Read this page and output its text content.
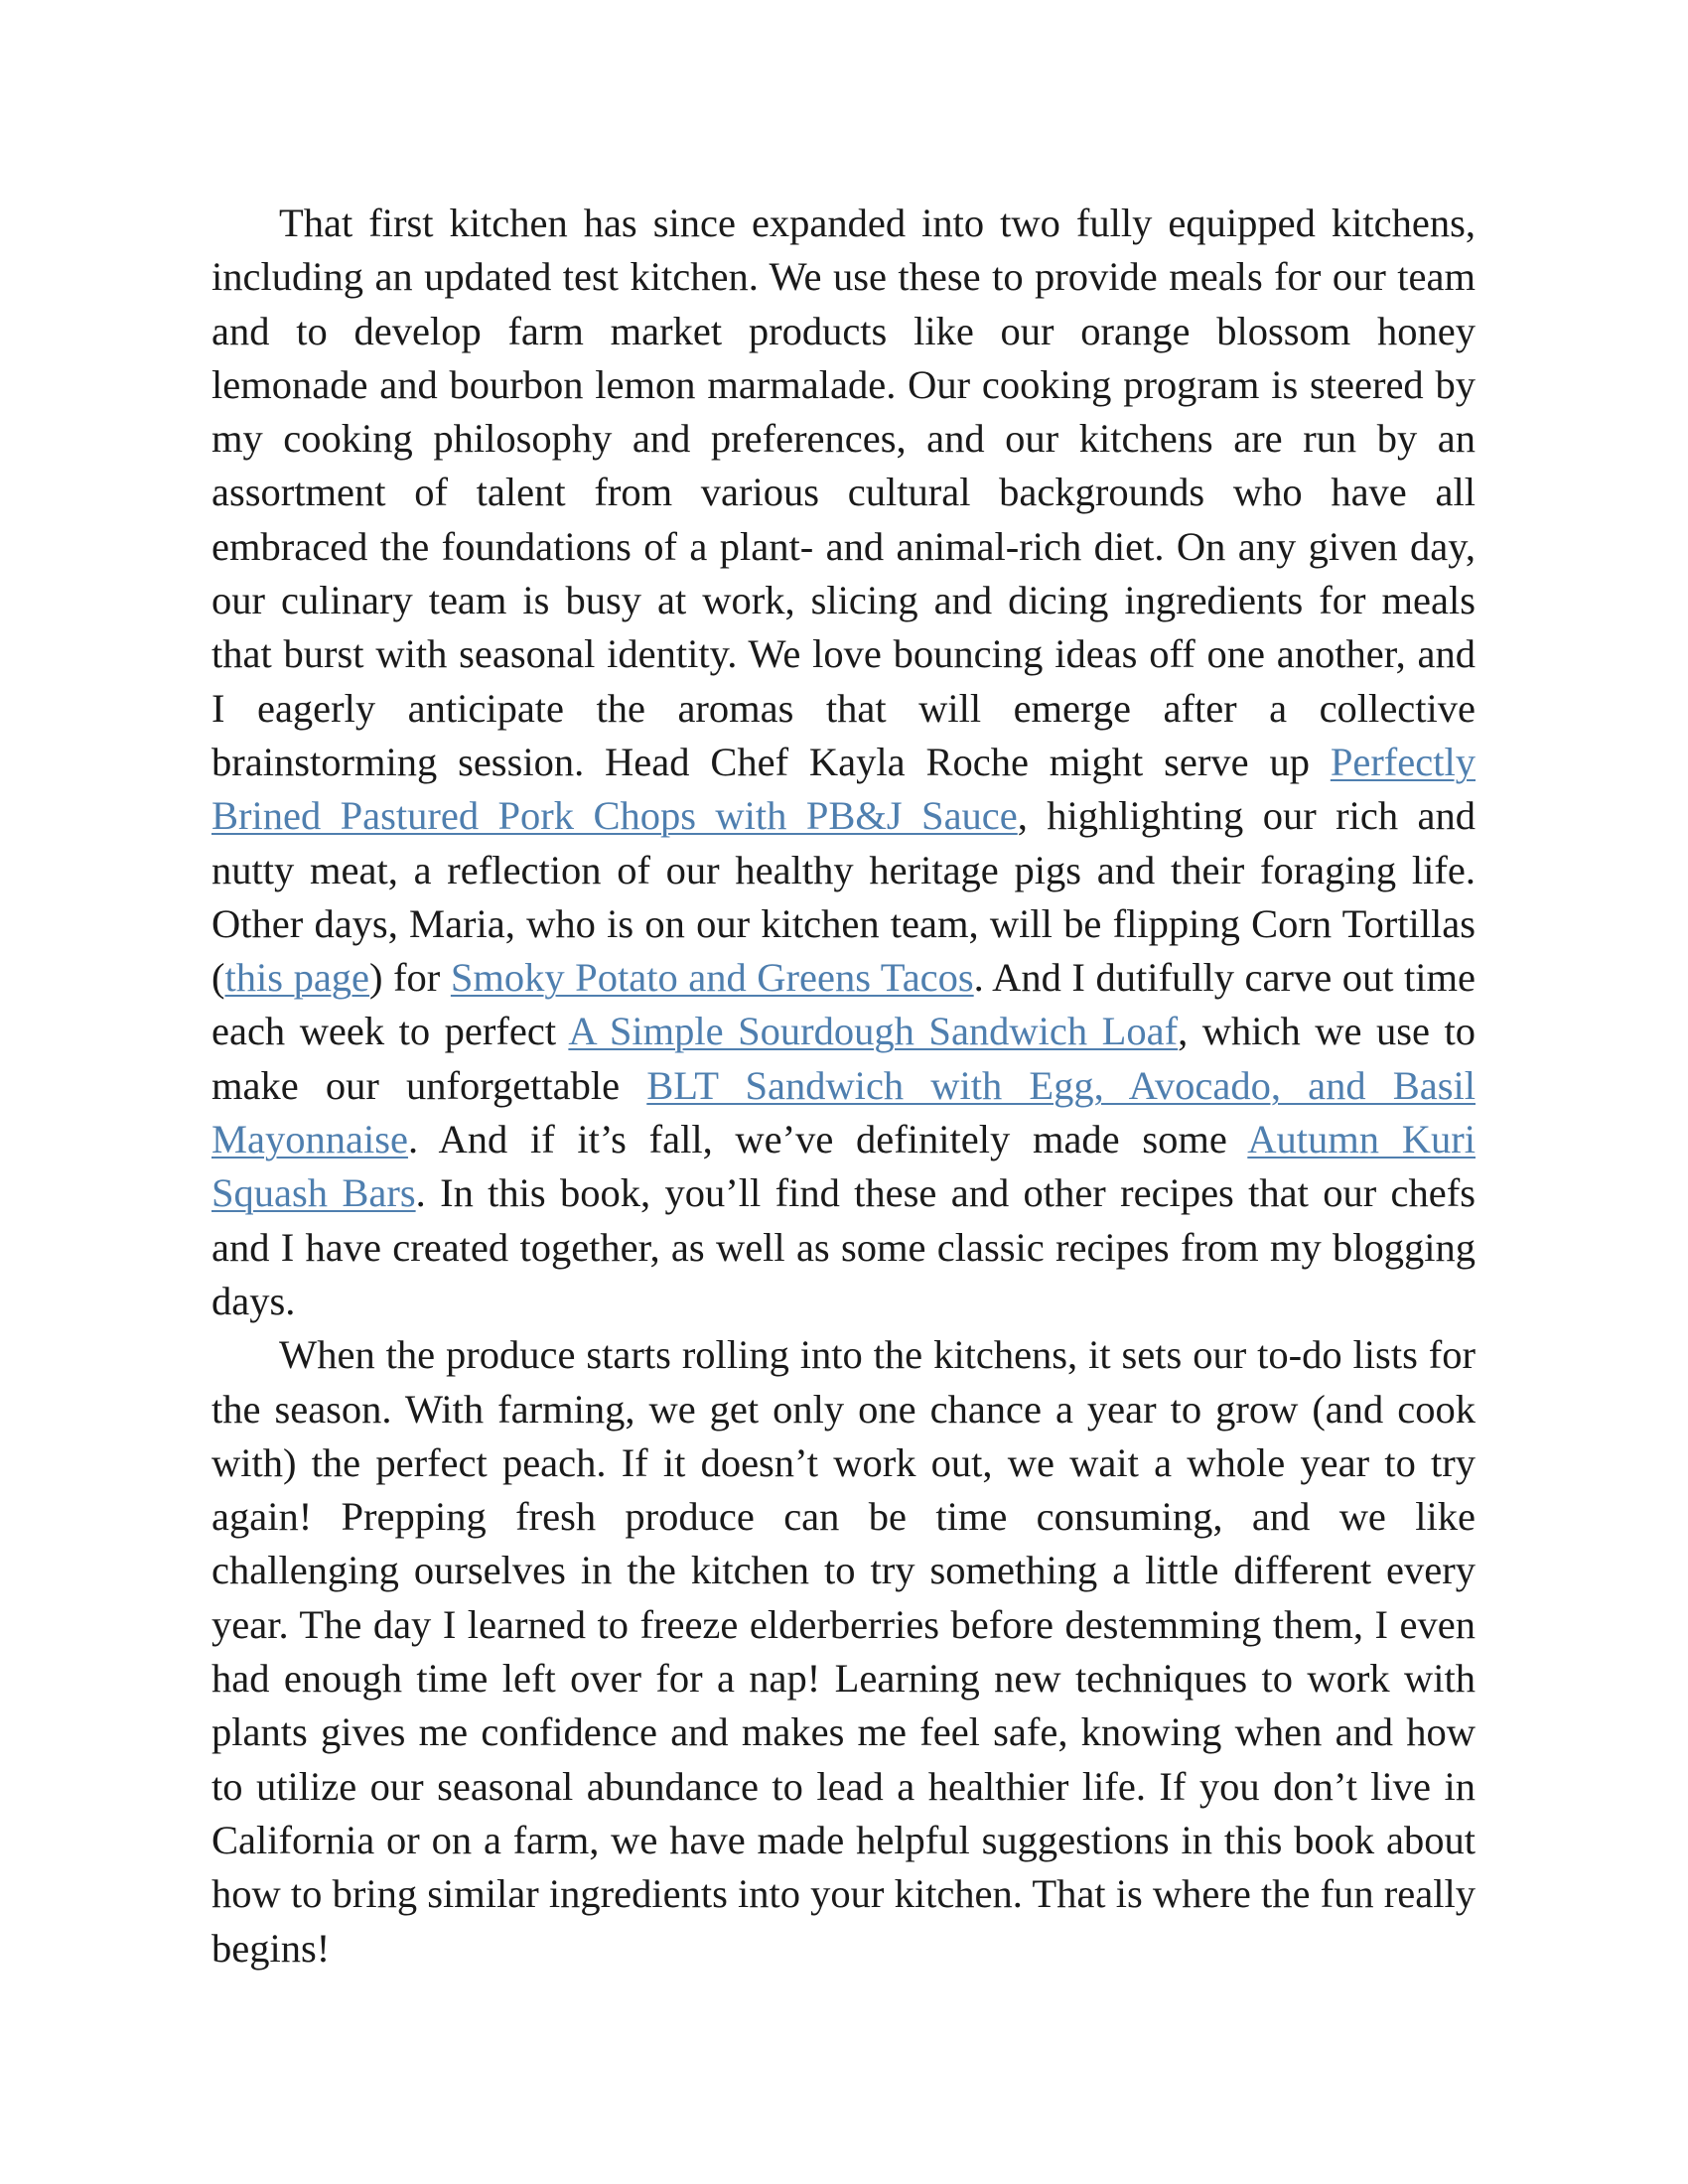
That first kitchen has since expanded into two fully equipped kitchens, including an updated test kitchen. We use these to provide meals for our team and to develop farm market products like our orange blossom honey lemonade and bourbon lemon marmalade. Our cooking program is steered by my cooking philosophy and preferences, and our kitchens are run by an assortment of talent from various cultural backgrounds who have all embraced the foundations of a plant- and animal-rich diet. On any given day, our culinary team is busy at work, slicing and dicing ingredients for meals that burst with seasonal identity. We love bouncing ideas off one another, and I eagerly anticipate the aromas that will emerge after a collective brainstorming session. Head Chef Kayla Roche might serve up Perfectly Brined Pastured Pork Chops with PB&J Sauce, highlighting our rich and nutty meat, a reflection of our healthy heritage pigs and their foraging life. Other days, Maria, who is on our kitchen team, will be flipping Corn Tortillas (this page) for Smoky Potato and Greens Tacos. And I dutifully carve out time each week to perfect A Simple Sourdough Sandwich Loaf, which we use to make our unforgettable BLT Sandwich with Egg, Avocado, and Basil Mayonnaise. And if it’s fall, we’ve definitely made some Autumn Kuri Squash Bars. In this book, you’ll find these and other recipes that our chefs and I have created together, as well as some classic recipes from my blogging days.

When the produce starts rolling into the kitchens, it sets our to-do lists for the season. With farming, we get only one chance a year to grow (and cook with) the perfect peach. If it doesn’t work out, we wait a whole year to try again! Prepping fresh produce can be time consuming, and we like challenging ourselves in the kitchen to try something a little different every year. The day I learned to freeze elderberries before destemming them, I even had enough time left over for a nap! Learning new techniques to work with plants gives me confidence and makes me feel safe, knowing when and how to utilize our seasonal abundance to lead a healthier life. If you don’t live in California or on a farm, we have made helpful suggestions in this book about how to bring similar ingredients into your kitchen. That is where the fun really begins!
